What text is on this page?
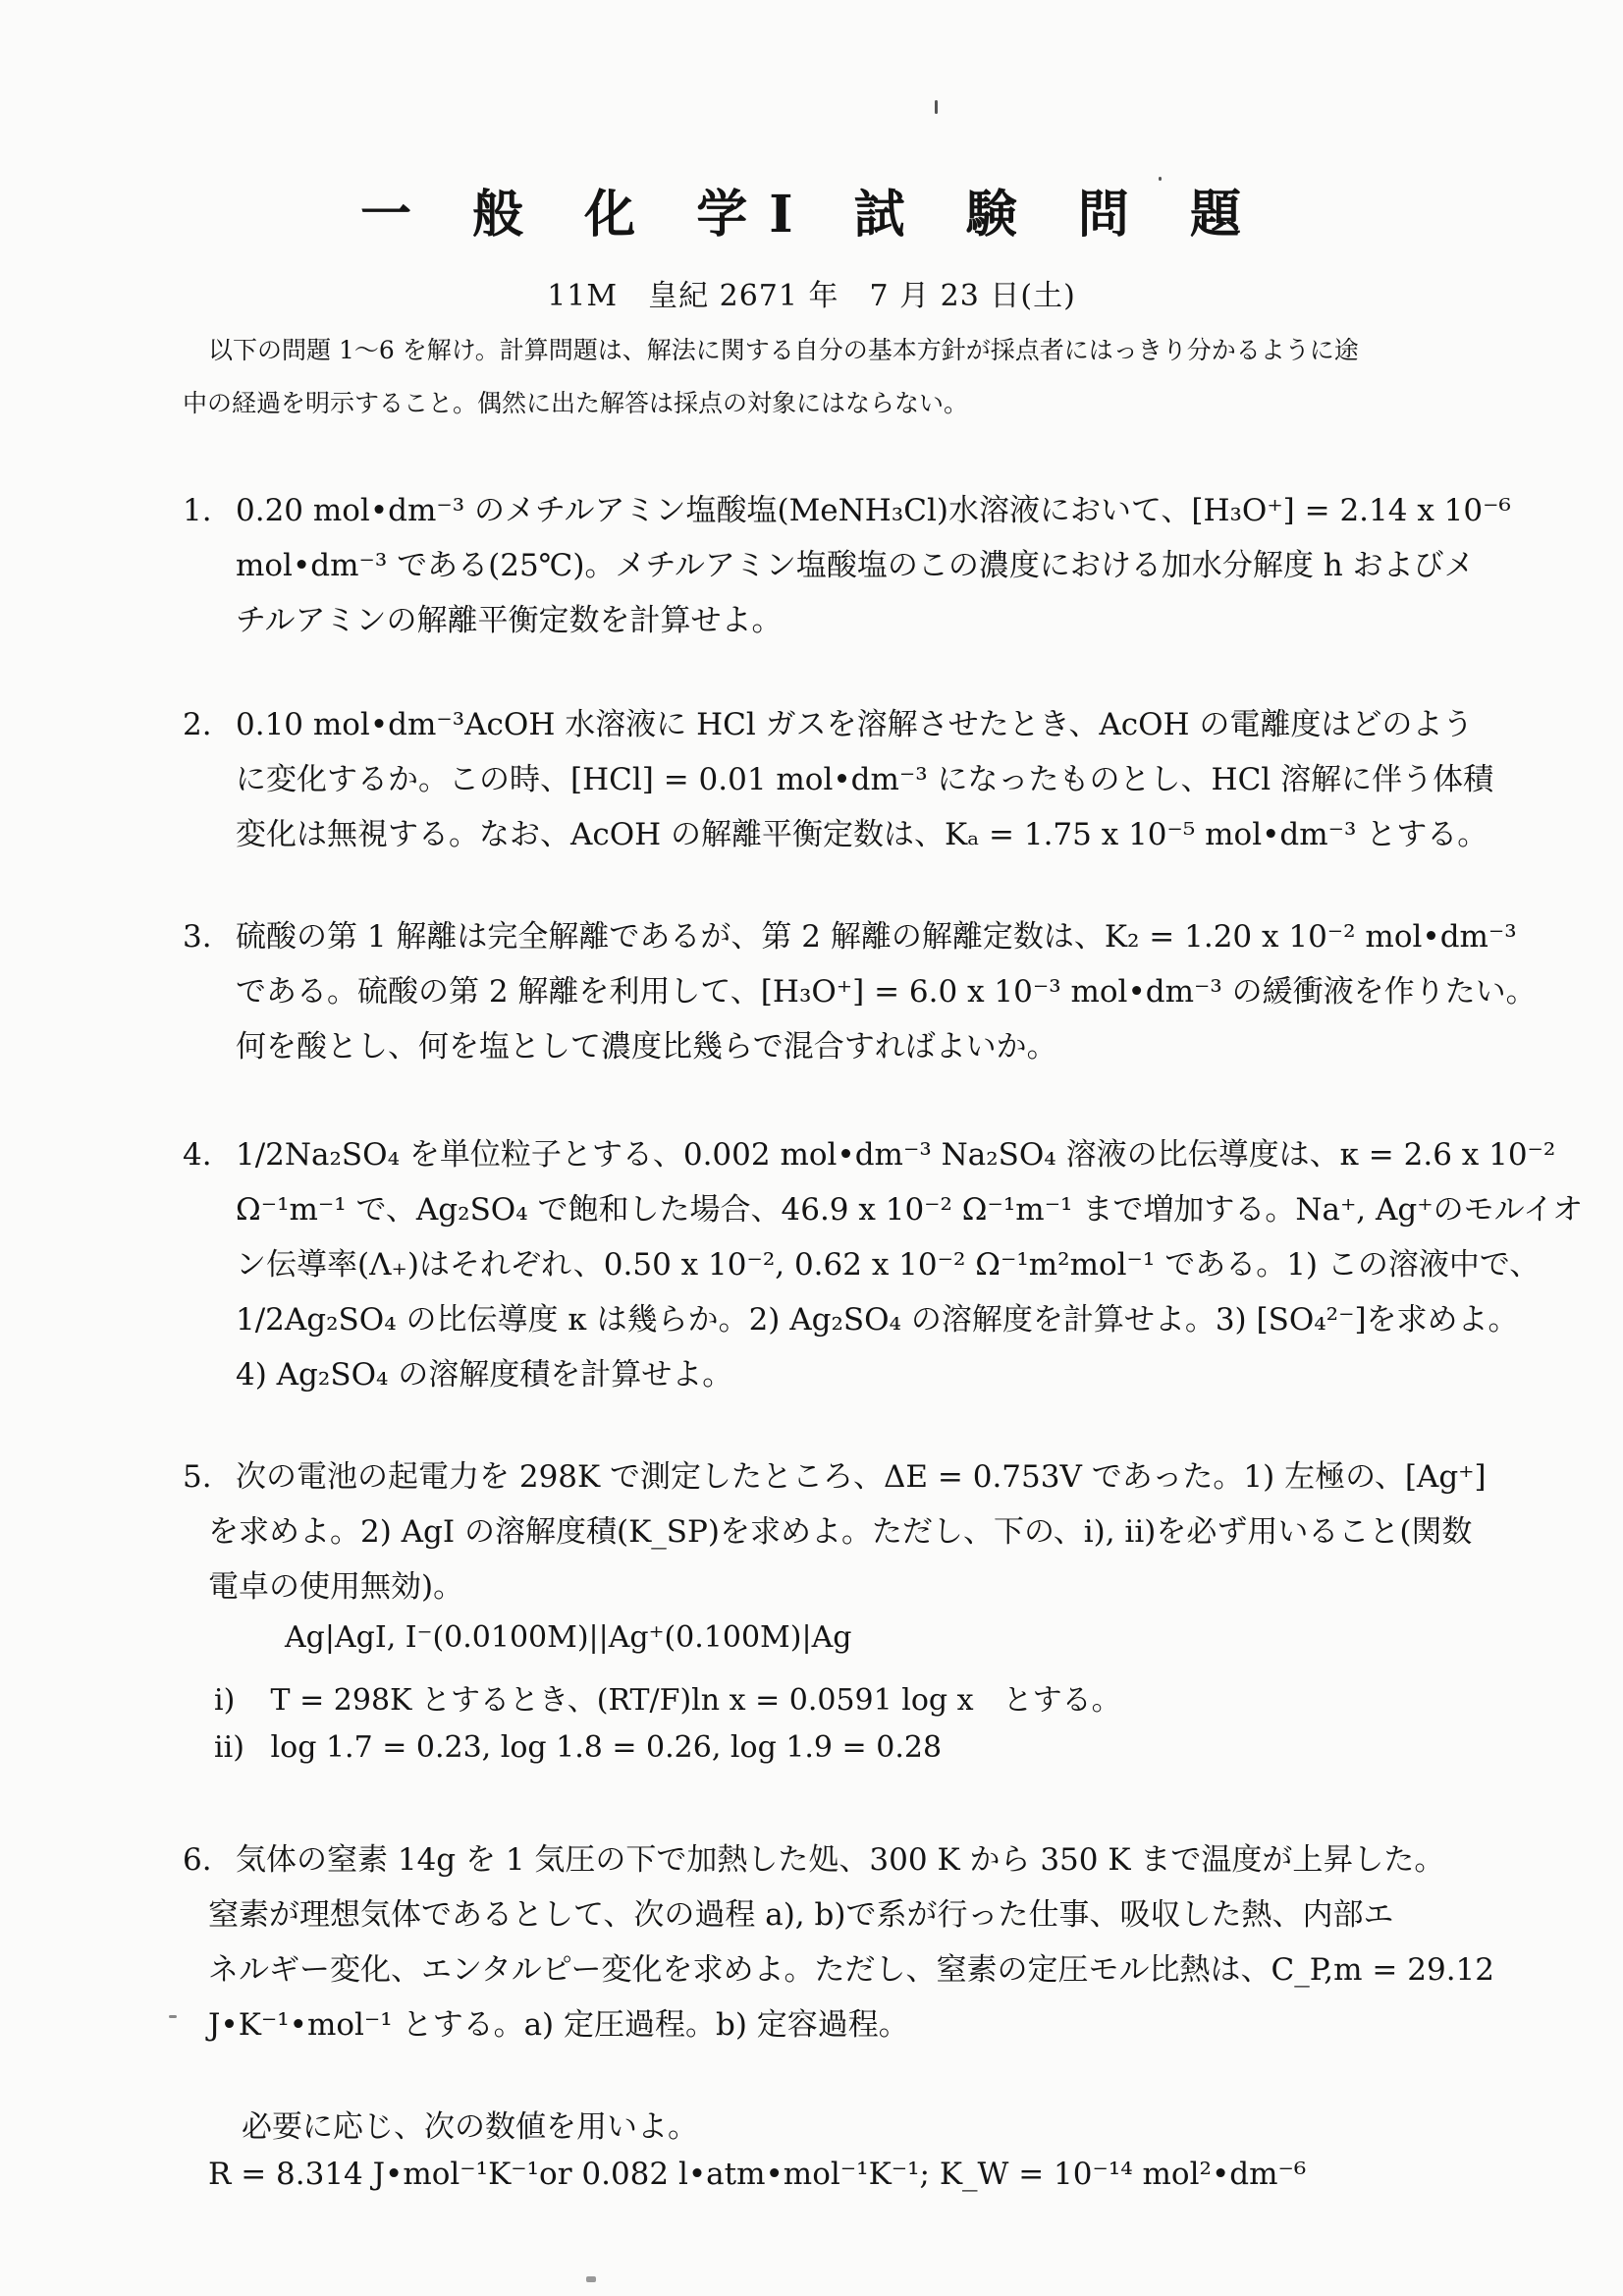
一 般 化 学I 試 験 問 題
11M　皇紀 2671 年　7 月 23 日(土)
以下の問題 1〜6 を解け。計算問題は、解法に関する自分の基本方針が採点者にはっきり分かるように途
中の経過を明示すること。偶然に出た解答は採点の対象にはならない。
1. 0.20 mol•dm⁻³ のメチルアミン塩酸塩(MeNH₃Cl)水溶液において、[H₃O⁺] = 2.14 x 10⁻⁶
mol•dm⁻³ である(25℃)。メチルアミン塩酸塩のこの濃度における加水分解度 h およびメ
チルアミンの解離平衡定数を計算せよ。
2. 0.10 mol•dm⁻³AcOH 水溶液に HCl ガスを溶解させたとき、AcOH の電離度はどのよう
に変化するか。この時、[HCl] = 0.01 mol•dm⁻³ になったものとし、HCl 溶解に伴う体積
変化は無視する。なお、AcOH の解離平衡定数は、Kₐ = 1.75 x 10⁻⁵ mol•dm⁻³ とする。
3. 硫酸の第 1 解離は完全解離であるが、第 2 解離の解離定数は、K₂ = 1.20 x 10⁻² mol•dm⁻³
である。硫酸の第 2 解離を利用して、[H₃O⁺] = 6.0 x 10⁻³ mol•dm⁻³ の緩衝液を作りたい。
何を酸とし、何を塩として濃度比幾らで混合すればよいか。
4. 1/2Na₂SO₄ を単位粒子とする、0.002 mol•dm⁻³ Na₂SO₄ 溶液の比伝導度は、κ = 2.6 x 10⁻²
Ω⁻¹m⁻¹ で、Ag₂SO₄ で飽和した場合、46.9 x 10⁻² Ω⁻¹m⁻¹ まで増加する。Na⁺, Ag⁺のモルイオ
ン伝導率(Λ₊)はそれぞれ、0.50 x 10⁻², 0.62 x 10⁻² Ω⁻¹m²mol⁻¹ である。1) この溶液中で、
1/2Ag₂SO₄ の比伝導度 κ は幾らか。2) Ag₂SO₄ の溶解度を計算せよ。3) [SO₄²⁻]を求めよ。
4) Ag₂SO₄ の溶解度積を計算せよ。
5. 次の電池の起電力を 298K で測定したところ、ΔE = 0.753V であった。1) 左極の、[Ag⁺]
を求めよ。2) AgI の溶解度積(K_SP)を求めよ。ただし、下の、i), ii)を必ず用いること(関数
電卓の使用無効)。
Ag|AgI, I⁻(0.0100M)||Ag⁺(0.100M)|Ag
i) T = 298K とするとき、(RT/F)ln x = 0.0591 log x　とする。
ii) log 1.7 = 0.23, log 1.8 = 0.26, log 1.9 = 0.28
6. 気体の窒素 14g を 1 気圧の下で加熱した処、300 K から 350 K まで温度が上昇した。
窒素が理想気体であるとして、次の過程 a), b)で系が行った仕事、吸収した熱、内部エ
ネルギー変化、エンタルピー変化を求めよ。ただし、窒素の定圧モル比熱は、C_P,m = 29.12
J•K⁻¹•mol⁻¹ とする。a) 定圧過程。b) 定容過程。
必要に応じ、次の数値を用いよ。
R = 8.314 J•mol⁻¹K⁻¹or 0.082 l•atm•mol⁻¹K⁻¹; K_W = 10⁻¹⁴ mol²•dm⁻⁶
